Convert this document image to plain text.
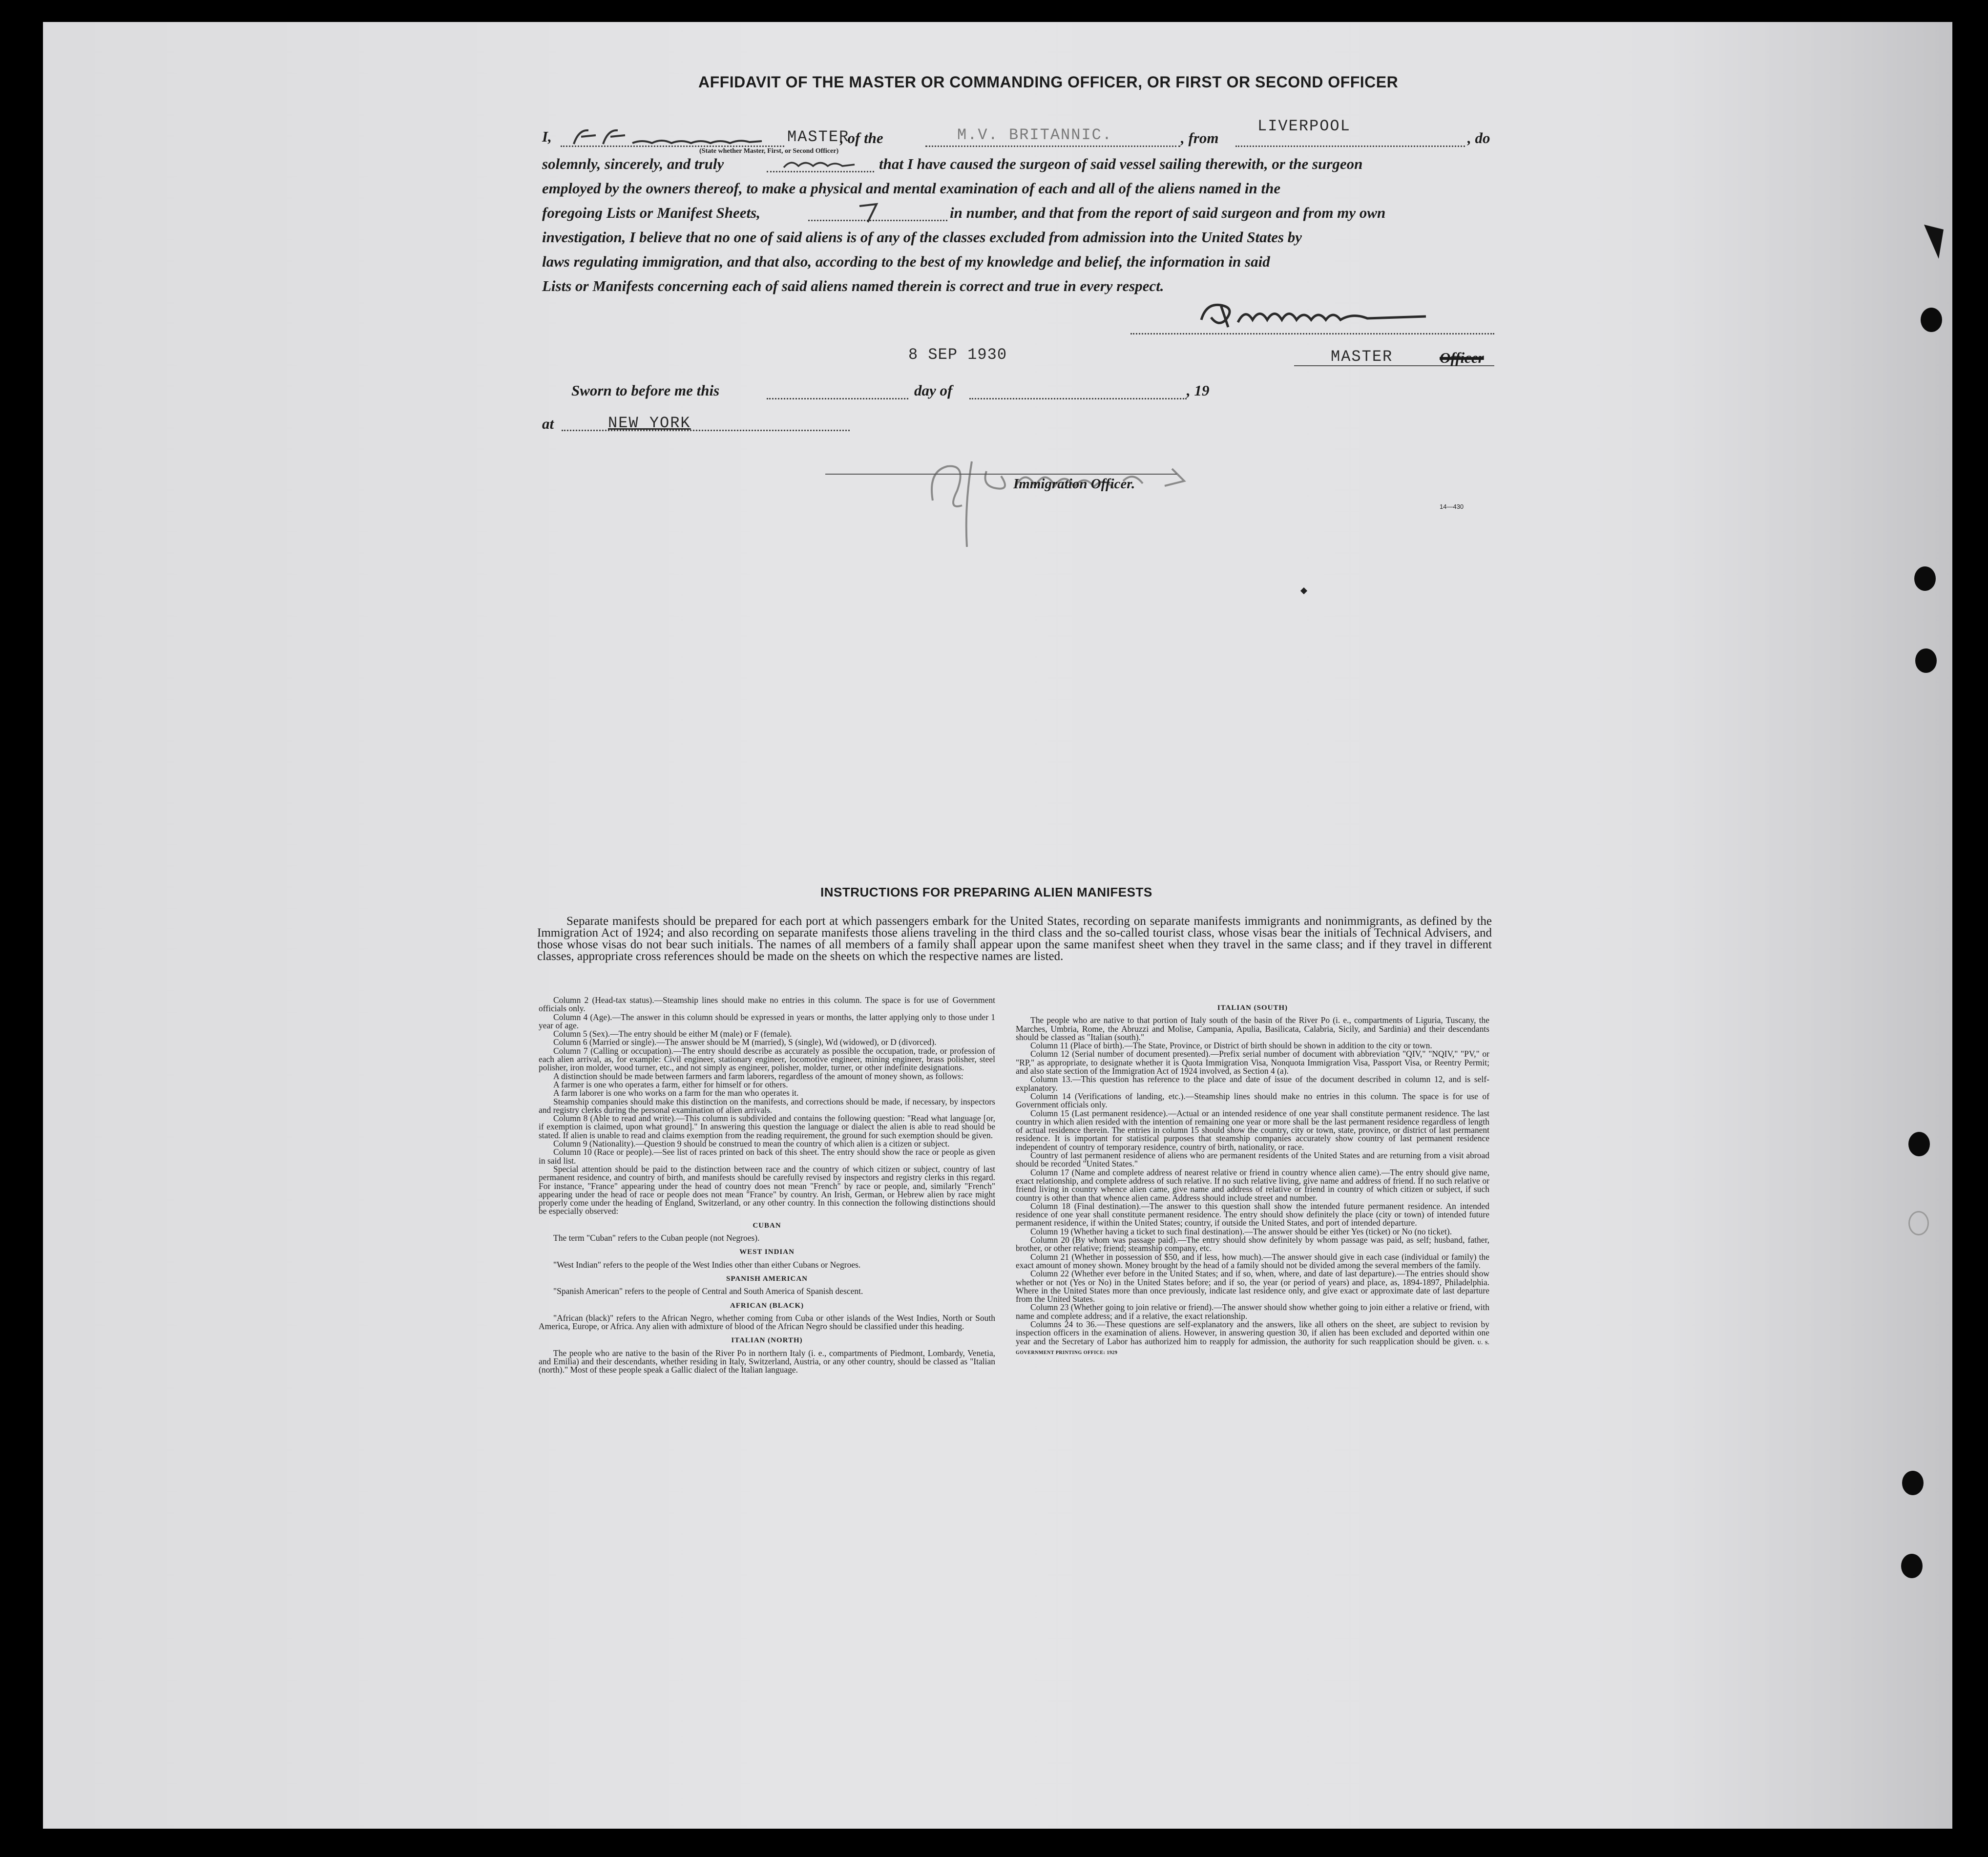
AFFIDAVIT OF THE MASTER OR COMMANDING OFFICER, OR FIRST OR SECOND OFFICER
I,	MASTER
(State whether Master, First, or Second Officer)
, of the	M.V. BRITANNIC.	, from
LIVERPOOL
, do
solemnly, sincerely, and truly	that I have caused the surgeon of said vessel sailing therewith, or the surgeon
employed by the owners thereof, to make a physical and mental examination of each and all of the aliens named in the
foregoing Lists or Manifest Sheets,	in number, and that from the report of said surgeon and from my own
investigation, I believe that no one of said aliens is of any of the classes excluded from admission into the United States by
laws regulating immigration, and that also, according to the best of my knowledge and belief, the information in said
Lists or Manifests concerning each of said aliens named therein is correct and true in every respect.
8 SEP 1930	MASTER	Officer
Sworn to before me this	day of	, 19
at	NEW YORK
Immigration Officer.
14—430
INSTRUCTIONS FOR PREPARING ALIEN MANIFESTS
Separate manifests should be prepared for each port at which passengers embark for the United States, recording on separate manifests immigrants and nonimmigrants, as defined by the Immigration Act of 1924; and also recording on separate manifests those aliens traveling in the third class and the so-called tourist class, whose visas bear the initials of Technical Advisers, and those whose visas do not bear such initials. The names of all members of a family shall appear upon the same manifest sheet when they travel in the same class; and if they travel in different classes, appropriate cross references should be made on the sheets on which the respective names are listed.

Column 2 (Head-tax status).—Steamship lines should make no entries in this column. The space is for use of Government officials only.

Column 4 (Age).—The answer in this column should be expressed in years or months, the latter applying only to those under 1 year of age.

Column 5 (Sex).—The entry should be either M (male) or F (female).

Column 6 (Married or single).—The answer should be M (married), S (single), Wd (widowed), or D (divorced).

Column 7 (Calling or occupation).—The entry should describe as accurately as possible the occupation, trade, or profession of each alien arrival, as, for example: Civil engineer, stationary engineer, locomotive engineer, mining engineer, brass polisher, steel polisher, iron molder, wood turner, etc., and not simply as engineer, polisher, molder, turner, or other indefinite designations.

A distinction should be made between farmers and farm laborers, regardless of the amount of money shown, as follows:

A farmer is one who operates a farm, either for himself or for others.

A farm laborer is one who works on a farm for the man who operates it.

Steamship companies should make this distinction on the manifests, and corrections should be made, if necessary, by inspectors and registry clerks during the personal examination of alien arrivals.

Column 8 (Able to read and write).—This column is subdivided and contains the following question: "Read what language [or, if exemption is claimed, upon what ground]." In answering this question the language or dialect the alien is able to read should be stated. If alien is unable to read and claims exemption from the reading requirement, the ground for such exemption should be given.

Column 9 (Nationality).—Question 9 should be construed to mean the country of which alien is a citizen or subject.

Column 10 (Race or people).—See list of races printed on back of this sheet. The entry should show the race or people as given in said list.

Special attention should be paid to the distinction between race and the country of which citizen or subject, country of last permanent residence, and country of birth, and manifests should be carefully revised by inspectors and registry clerks in this regard. For instance, "France" appearing under the head of country does not mean "French" by race or people, and, similarly "French" appearing under the head of race or people does not mean "France" by country. An Irish, German, or Hebrew alien by race might properly come under the heading of England, Switzerland, or any other country. In this connection the following distinctions should be especially observed:

CUBAN

The term "Cuban" refers to the Cuban people (not Negroes).

WEST INDIAN

"West Indian" refers to the people of the West Indies other than either Cubans or Negroes.

SPANISH AMERICAN

"Spanish American" refers to the people of Central and South America of Spanish descent.

AFRICAN (BLACK)

"African (black)" refers to the African Negro, whether coming from Cuba or other islands of the West Indies, North or South America, Europe, or Africa. Any alien with admixture of blood of the African Negro should be classified under this heading.

ITALIAN (NORTH)

The people who are native to the basin of the River Po in northern Italy (i. e., compartments of Piedmont, Lombardy, Venetia, and Emilia) and their descendants, whether residing in Italy, Switzerland, Austria, or any other country, should be classed as "Italian (north)." Most of these people speak a Gallic dialect of the Italian language.

ITALIAN (SOUTH)

The people who are native to that portion of Italy south of the basin of the River Po (i. e., compartments of Liguria, Tuscany, the Marches, Umbria, Rome, the Abruzzi and Molise, Campania, Apulia, Basilicata, Calabria, Sicily, and Sardinia) and their descendants should be classed as "Italian (south)."

Column 11 (Place of birth).—The State, Province, or District of birth should be shown in addition to the city or town.

Column 12 (Serial number of document presented).—Prefix serial number of document with abbreviation "QIV," "NQIV," "PV," or "RP," as appropriate, to designate whether it is Quota Immigration Visa, Nonquota Immigration Visa, Passport Visa, or Reentry Permit; and also state section of the Immigration Act of 1924 involved, as Section 4 (a).

Column 13.—This question has reference to the place and date of issue of the document described in column 12, and is self-explanatory.

Column 14 (Verifications of landing, etc.).—Steamship lines should make no entries in this column. The space is for use of Government officials only.

Column 15 (Last permanent residence).—Actual or an intended residence of one year shall constitute permanent residence. The last country in which alien resided with the intention of remaining one year or more shall be the last permanent residence regardless of length of actual residence therein. The entries in column 15 should show the country, city or town, state, province, or district of last permanent residence. It is important for statistical purposes that steamship companies accurately show country of last permanent residence independent of country of temporary residence, country of birth, nationality, or race.

Country of last permanent residence of aliens who are permanent residents of the United States and are returning from a visit abroad should be recorded "United States."

Column 17 (Name and complete address of nearest relative or friend in country whence alien came).—The entry should give name, exact relationship, and complete address of such relative. If no such relative living, give name and address of friend. If no such relative or friend living in country whence alien came, give name and address of relative or friend in country of which citizen or subject, if such country is other than that whence alien came. Address should include street and number.

Column 18 (Final destination).—The answer to this question shall show the intended future permanent residence. An intended residence of one year shall constitute permanent residence. The entry should show definitely the place (city or town) of intended future permanent residence, if within the United States; country, if outside the United States, and port of intended departure.

Column 19 (Whether having a ticket to such final destination).—The answer should be either Yes (ticket) or No (no ticket).

Column 20 (By whom was passage paid).—The entry should show definitely by whom passage was paid, as self; husband, father, brother, or other relative; friend; steamship company, etc.

Column 21 (Whether in possession of $50, and if less, how much).—The answer should give in each case (individual or family) the exact amount of money shown. Money brought by the head of a family should not be divided among the several members of the family.

Column 22 (Whether ever before in the United States; and if so, when, where, and date of last departure).—The entries should show whether or not (Yes or No) in the United States before; and if so, the year (or period of years) and place, as, 1894-1897, Philadelphia. Where in the United States more than once previously, indicate last residence only, and give exact or approximate date of last departure from the United States.

Column 23 (Whether going to join relative or friend).—The answer should show whether going to join either a relative or friend, with name and complete address; and if a relative, the exact relationship.

Columns 24 to 36.—These questions are self-explanatory and the answers, like all others on the sheet, are subject to revision by inspection officers in the examination of aliens. However, in answering question 30, if alien has been excluded and deported within one year and the Secretary of Labor has authorized him to reapply for admission, the authority for such reapplication should be given. U. S. GOVERNMENT PRINTING OFFICE: 1929
